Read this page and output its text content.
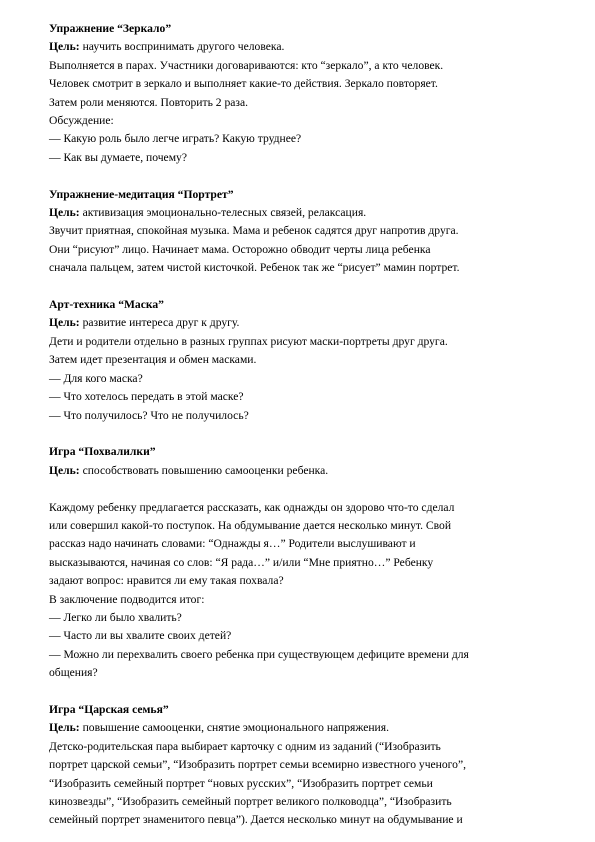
Упражнение “Зеркало”
Цель: научить воспринимать другого человека.
Выполняется в парах. Участники договариваются: кто “зеркало”, а кто человек.
Человек смотрит в зеркало и выполняет какие-то действия. Зеркало повторяет.
Затем роли меняются. Повторить 2 раза.
Обсуждение:
— Какую роль было легче играть? Какую труднее?
— Как вы думаете, почему?
Упражнение-медитация “Портрет”
Цель: активизация эмоционально-телесных связей, релаксация.
Звучит приятная, спокойная музыка. Мама и ребенок садятся друг напротив друга.
Они “рисуют” лицо. Начинает мама. Осторожно обводит черты лица ребенка
сначала пальцем, затем чистой кисточкой. Ребенок так же “рисует” мамин портрет.
Арт-техника “Маска”
Цель: развитие интереса друг к другу.
Дети и родители отдельно в разных группах рисуют маски-портреты друг друга.
Затем идет презентация и обмен масками.
— Для кого маска?
— Что хотелось передать в этой маске?
— Что получилось? Что не получилось?
Игра “Похвалилки”
Цель: способствовать повышению самооценки ребенка.
Каждому ребенку предлагается рассказать, как однажды он здорово что-то сделал
или совершил какой-то поступок. На обдумывание дается несколько минут. Свой
рассказ надо начинать словами: “Однажды я…” Родители выслушивают и
высказываются, начиная со слов: “Я рада…” и/или “Мне приятно…” Ребенку
задают вопрос: нравится ли ему такая похвала?
В заключение подводится итог:
— Легко ли было хвалить?
— Часто ли вы хвалите своих детей?
— Можно ли перехвалить своего ребенка при существующем дефиците времени для
общения?
Игра “Царская семья”
Цель: повышение самооценки, снятие эмоционального напряжения.
Детско-родительская пара выбирает карточку с одним из заданий (“Изобразить
портрет царской семьи”, “Изобразить портрет семьи всемирно известного ученого”,
“Изобразить семейный портрет “новых русских”, “Изобразить портрет семьи
кинозвезды”, “Изобразить семейный портрет великого полководца”, “Изобразить
семейный портрет знаменитого певца”). Дается несколько минут на обдумывание и
